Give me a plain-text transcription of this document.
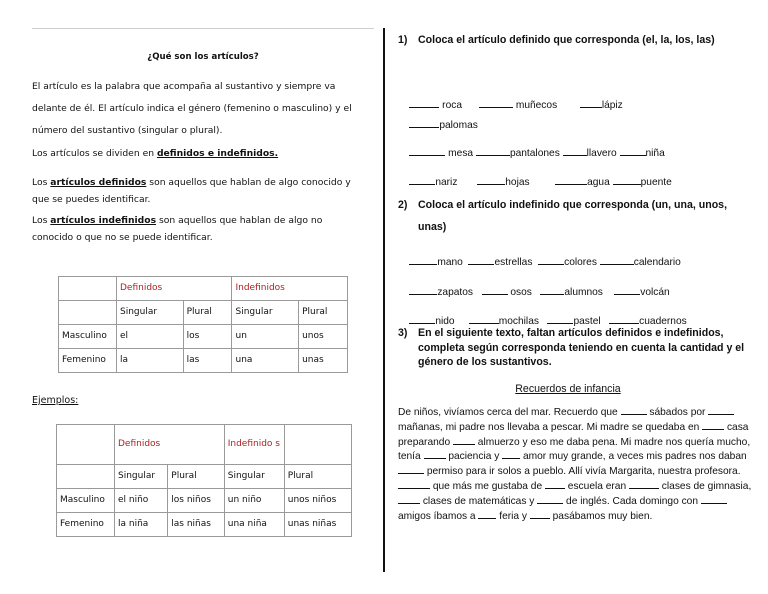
¿Qué son los artículos?
El artículo es la palabra que acompaña al sustantivo y siempre va delante de él. El artículo indica el género (femenino o masculino) y el número del sustantivo (singular o plural).
Los artículos se dividen en definidos e indefinidos.
Los artículos definidos son aquellos que hablan de algo conocido y que se puedes identificar.
Los artículos indefinidos son aquellos que hablan de algo no conocido o que no se puede identificar.
	Definidos		Indefinidos	
	Singular	Plural	Singular	Plural
Masculino	el	los	un	unos
Femenino	la	las	una	unas
Ejemplos:
	Definidos		Indefinido s	
	Singular	Plural	Singular	Plural
Masculino	el niño	los niños	un niño	unos niños
Femenino	la niña	las niñas	una niña	unas niñas
1) Coloca el artículo definido que corresponda (el, la, los, las)

roca	muñecos	lápiz

palomas

mesa	pantalones	llavero	niña

nariz	hojas	agua	puente

2) Coloca el artículo indefinido que corresponda (un, una, unos, unas)

mano	estrellas	colores	calendario

zapatos	osos	alumnos	volcán

nido	mochilas	pastel	cuadernos

3) En el siguiente texto, faltan artículos definidos e indefinidos, completa según corresponda teniendo en cuenta la cantidad y el género de los sustantivos.
Recuerdos de infancia
De niños, vivíamos cerca del mar. Recuerdo que	sábados por  mañanas, mi padre nos llevaba a pescar. Mi madre se quedaba en  casa preparando  almuerzo y eso me daba pena. Mi madre nos quería mucho, tenía  paciencia y  amor muy grande, a veces mis padres nos daban  permiso para ir solos a pueblo. Allí vivía Margarita, nuestra profesora.  que más me gustaba de  escuela eran	clases de gimnasia,  clases de matemáticas y	de inglés. Cada domingo con  amigos íbamos a  feria y  pasábamos muy bien.
